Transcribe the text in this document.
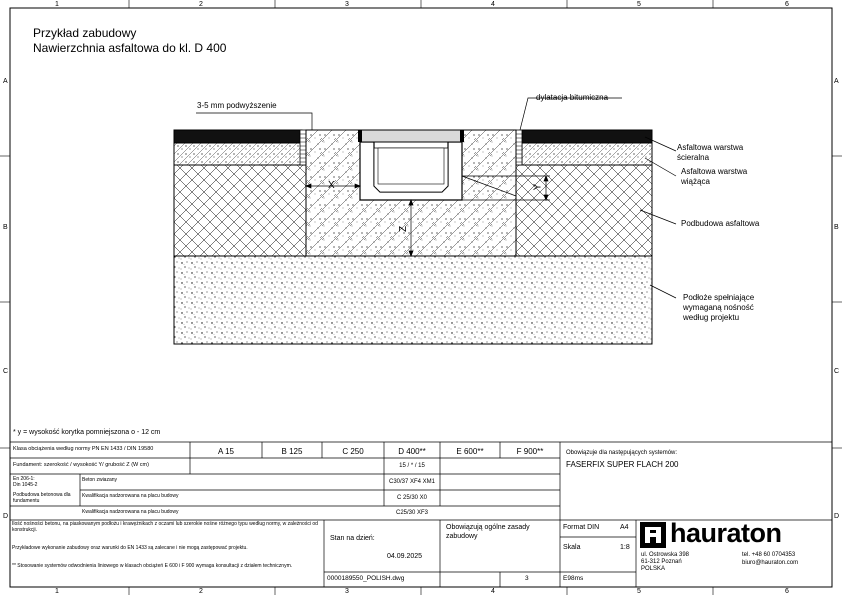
1	2	3	4	5	6
1	2	3	4	5	6
A
B
C
D
A
B
C
D
Przykład zabudowy
Nawierzchnia asfaltowa do kl. D 400
3-5 mm podwyższenie
dylatacja bitumiczna
Asfaltowa warstwa
ścieralna
Asfaltowa warstwa
wiążąca
Podbudowa asfaltowa
Podłoże spełniające
wymaganą nośność
według projektu
X
Z
Y
* y = wysokość korytka pomniejszona o - 12 cm
Klasa obciążenia według normy PN EN 1433 / DIN 19580	A 15	B 125	C 250	D 400**	E 600**	F 900**
Fundament: szerokość / wysokość Y/ grubość Z (W cm)	15 / * / 15
En 206-1:
Din 1045-2
Beton zwiazany	C30/37 XF4 XM1
Podbudowa betonowa dla
fundamentu
Kwalifikacja nadzorowana na placu budowy	C 25/30 X0
Kwalifikacja nadzorowana na placu budowy	C25/30 XF3
Obowiązuje dla następujących systemów:
FASERFIX SUPER FLACH 200
Ilość nośności betonu, na piaskowanym podłożu i krawężnikach z oczami lub szerokie nośne różnego typu według normy, w zależności od konstrukcji.
Przykładowe wykonanie zabudowy oraz warunki do EN 1433 są zalecane i nie mogą zastępować projektu.
** Stosowanie systemów odwodnienia liniowego w klasach obciążeń E 600 i F 900 wymaga konsultacji z działem technicznym.
Stan na dzień:
04.09.2025
Obowiązują ogólne zasady
zabudowy
Format DIN	A4
Skala	1:8
0000189550_POLISH.dwg	3	E98ms
hauraton
ul. Ostrowska 398
61-312 Poznań
POLSKA
tel. +48 60 0704353
biuro@hauraton.com
